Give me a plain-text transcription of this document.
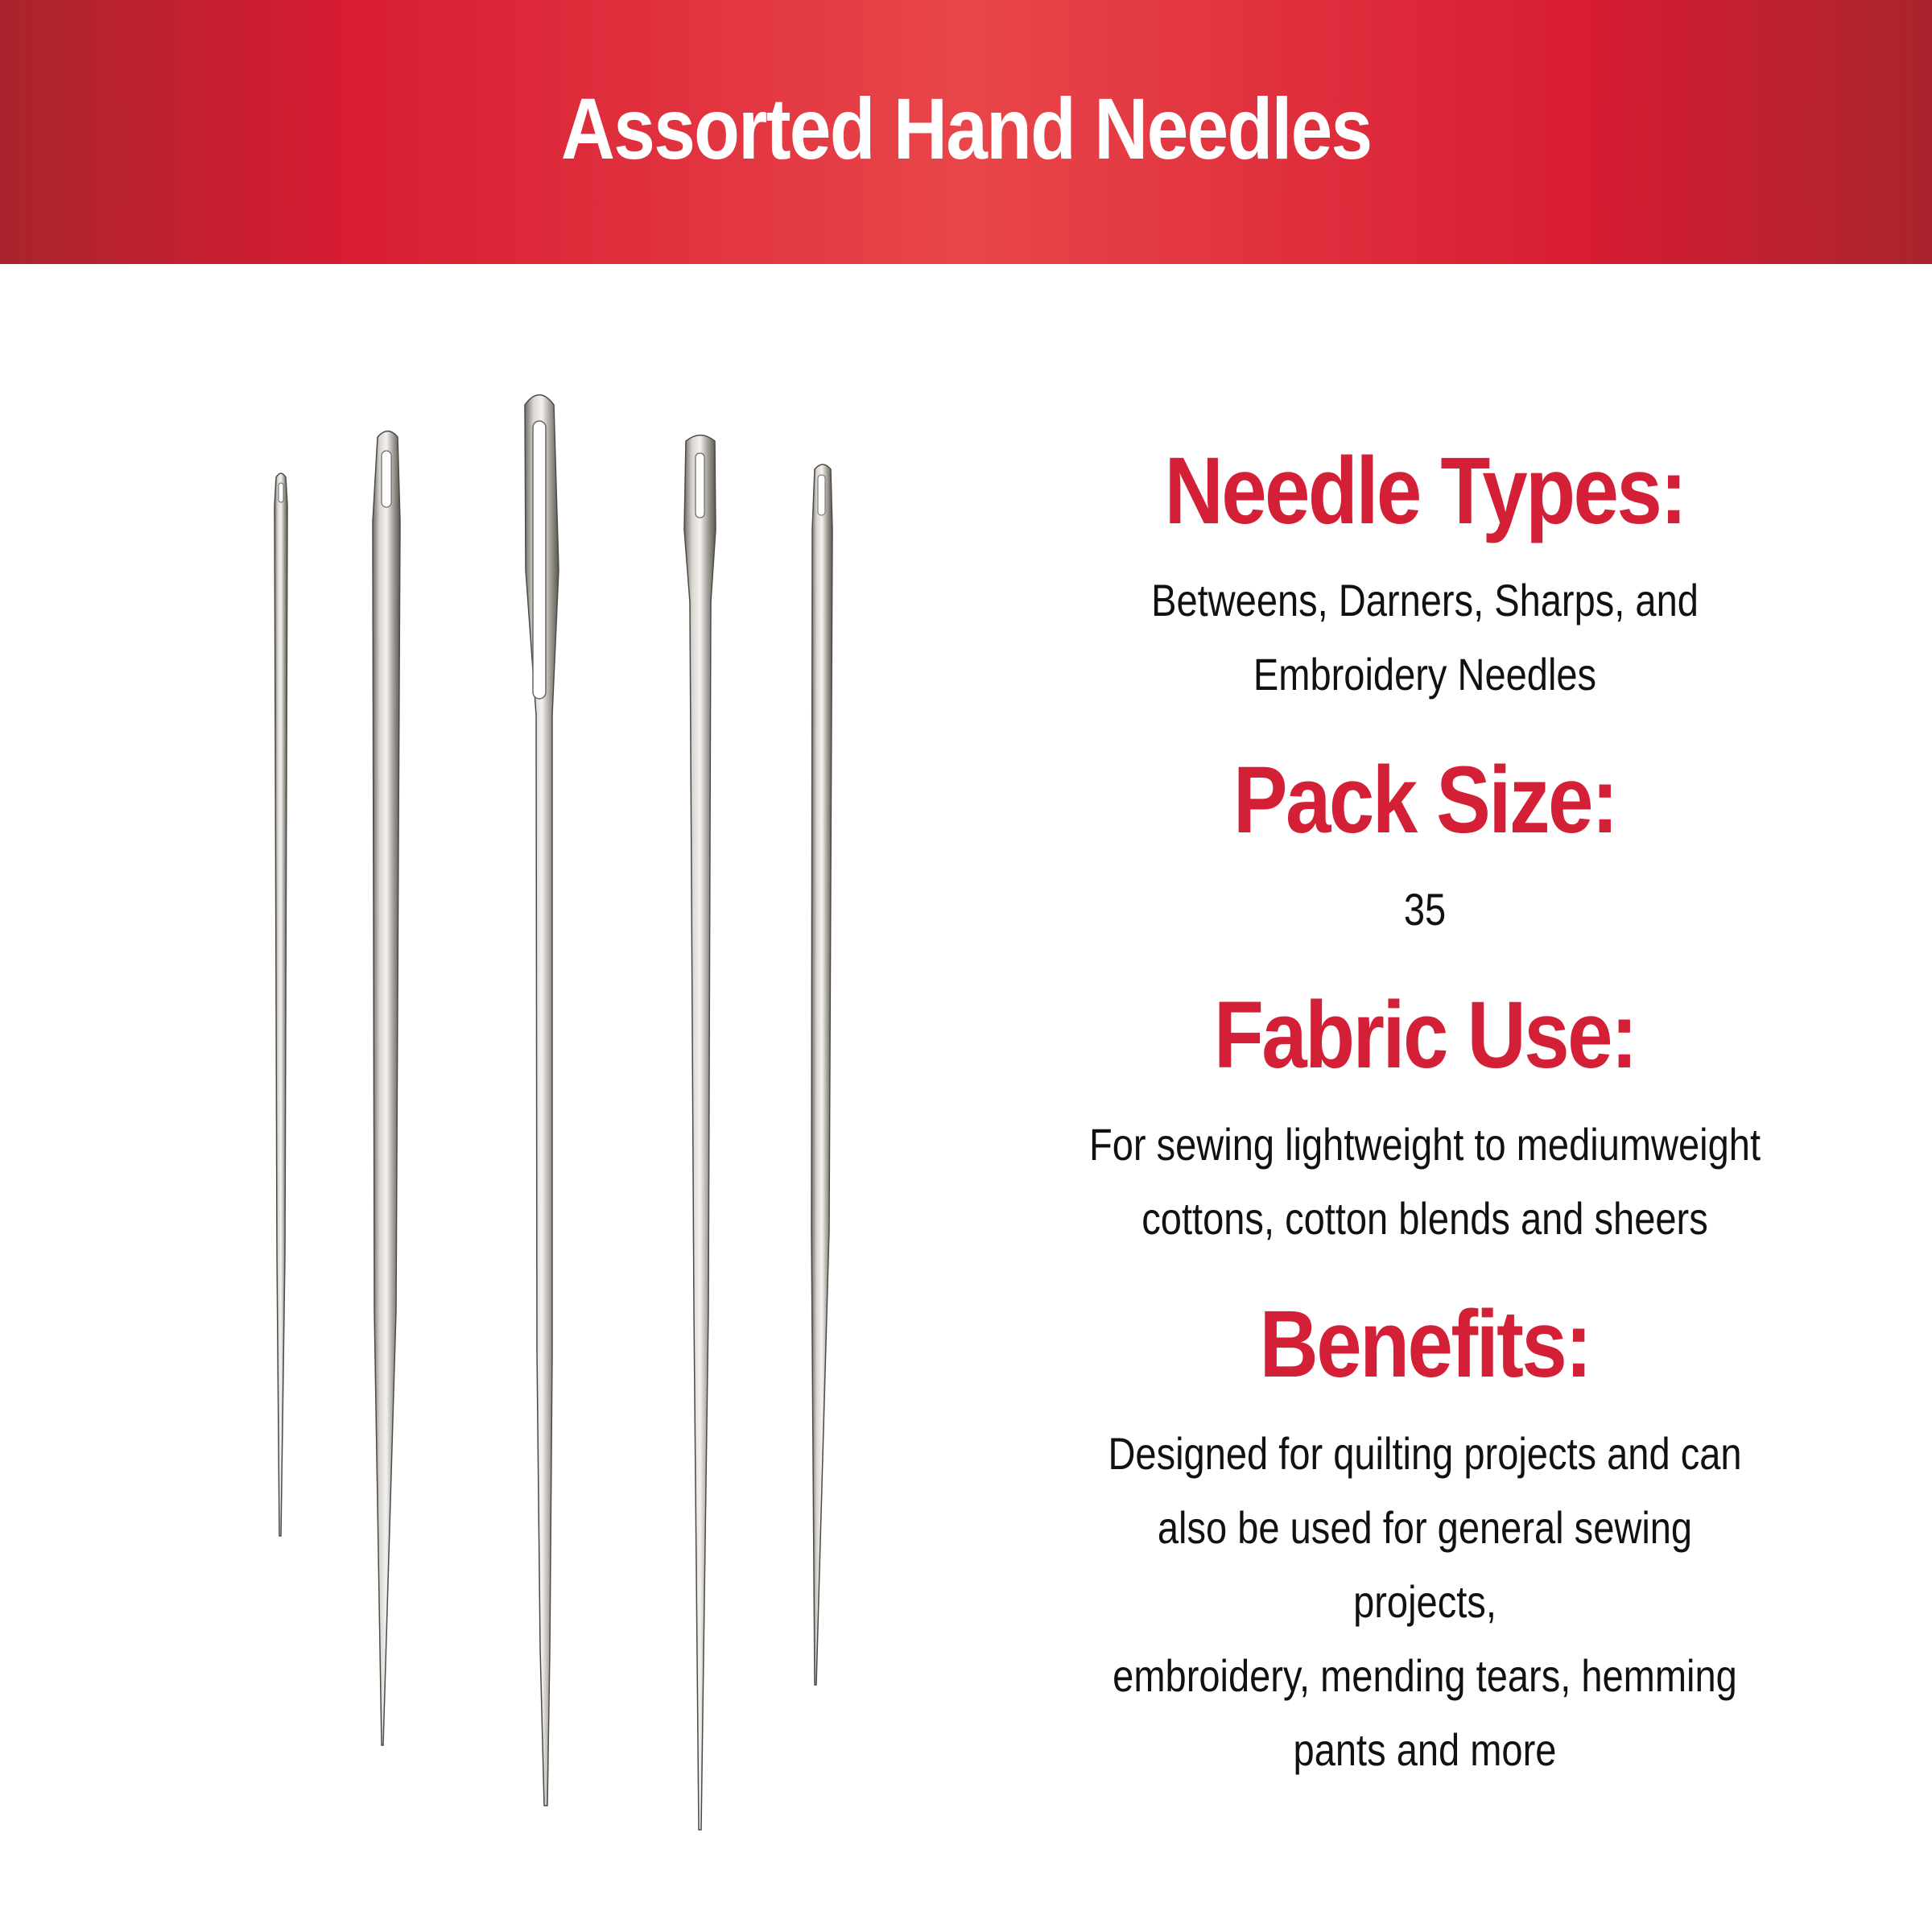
Assorted Hand Needles
Needle Types:
Betweens, Darners, Sharps, and
Embroidery Needles
Pack Size:
35
Fabric Use:
For sewing lightweight to mediumweight
cottons, cotton blends and sheers
Benefits:
Designed for quilting projects and can
also be used for general sewing projects,
embroidery, mending tears, hemming
pants and more
